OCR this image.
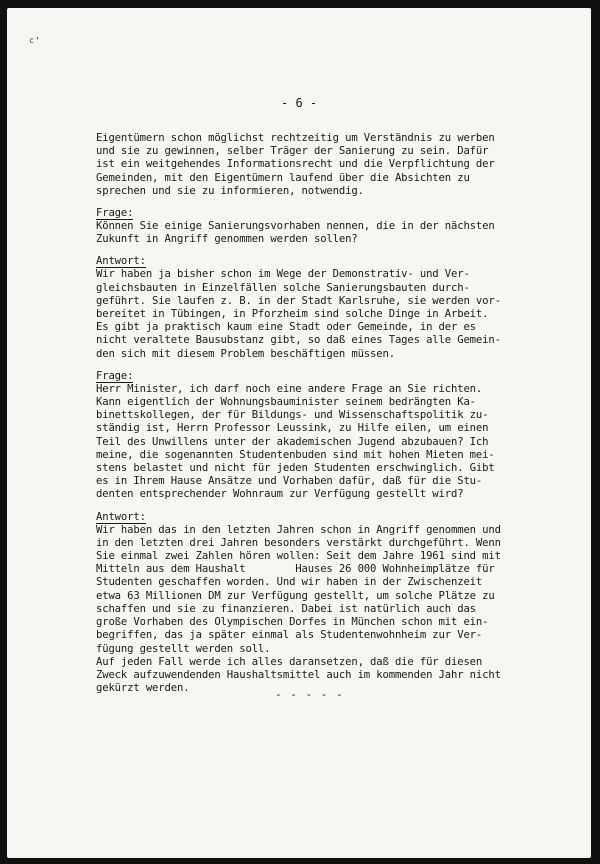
c’
- 6 -
Eigentümern schon möglichst rechtzeitig um Verständnis zu werben
und sie zu gewinnen, selber Träger der Sanierung zu sein. Dafür
ist ein weitgehendes Informationsrecht und die Verpflichtung der
Gemeinden, mit den Eigentümern laufend über die Absichten zu
sprechen und sie zu informieren, notwendig.
Frage:
Können Sie einige Sanierungsvorhaben nennen, die in der nächsten
Zukunft in Angriff genommen werden sollen?
Antwort:
Wir haben ja bisher schon im Wege der Demonstrativ- und Ver-
gleichsbauten in Einzelfällen solche Sanierungsbauten durch-
geführt. Sie laufen z. B. in der Stadt Karlsruhe, sie werden vor-
bereitet in Tübingen, in Pforzheim sind solche Dinge in Arbeit.
Es gibt ja praktisch kaum eine Stadt oder Gemeinde, in der es
nicht veraltete Bausubstanz gibt, so daß eines Tages alle Gemein-
den sich mit diesem Problem beschäftigen müssen.
Frage:
Herr Minister, ich darf noch eine andere Frage an Sie richten.
Kann eigentlich der Wohnungsbauminister seinem bedrängten Ka-
binettskollegen, der für Bildungs- und Wissenschaftspolitik zu-
ständig ist, Herrn Professor Leussink, zu Hilfe eilen, um einen
Teil des Unwillens unter der akademischen Jugend abzubauen? Ich
meine, die sogenannten Studentenbuden sind mit hohen Mieten mei-
stens belastet und nicht für jeden Studenten erschwinglich. Gibt
es in Ihrem Hause Ansätze und Vorhaben dafür, daß für die Stu-
denten entsprechender Wohnraum zur Verfügung gestellt wird?
Antwort:
Wir haben das in den letzten Jahren schon in Angriff genommen und
in den letzten drei Jahren besonders verstärkt durchgeführt. Wenn
Sie einmal zwei Zahlen hören wollen: Seit dem Jahre 1961 sind mit
Mitteln aus dem Haushalt        Hauses 26 000 Wohnheimplätze für
Studenten geschaffen worden. Und wir haben in der Zwischenzeit
etwa 63 Millionen DM zur Verfügung gestellt, um solche Plätze zu
schaffen und sie zu finanzieren. Dabei ist natürlich auch das
große Vorhaben des Olympischen Dorfes in München schon mit ein-
begriffen, das ja später einmal als Studentenwohnheim zur Ver-
fügung gestellt werden soll.
Auf jeden Fall werde ich alles daransetzen, daß die für diesen
Zweck aufzuwendenden Haushaltsmittel auch im kommenden Jahr nicht
gekürzt werden.	- - - - -
